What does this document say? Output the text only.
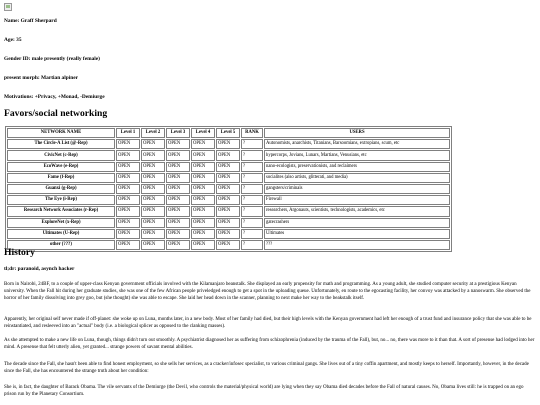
Name: Graff Sherpard
Age: 35
Gender ID: male presently (really female)
present morph: Martian alpiner
Motivations: +Privacy, +Monad, -Demiurge
Favors/social networking
NETWORK NAME	Level 1	Level 2	Level 3	Level 4	Level 5	RANK	USERS
The Circle-A List (@-Rep)	OPEN	OPEN	OPEN	OPEN	OPEN	?	Autonomists, anarchists, Titanians, Barsoomians, extropians, scum, etc
CivicNet (c-Rep)	OPEN	OPEN	OPEN	OPEN	OPEN	?	hypercorps, Jovians, Lunars, Martians, Venusians, etc
EcoWave (e-Rep)	OPEN	OPEN	OPEN	OPEN	OPEN	?	nano-ecologists, preservationists, and reclaimers
Fame (f-Rep)	OPEN	OPEN	OPEN	OPEN	OPEN	?	socialites (also artists, glitterati, and media)
Guanxi (g-Rep)	OPEN	OPEN	OPEN	OPEN	OPEN	?	gangsters/criminals
The Eye (i-Rep)	OPEN	OPEN	OPEN	OPEN	OPEN	?	Firewall
Research Network Associates (r-Rep)	OPEN	OPEN	OPEN	OPEN	OPEN	?	researchers, Argonauts, scientists, technologists, academics, etc
ExploreNet (x-Rep)	OPEN	OPEN	OPEN	OPEN	OPEN	?	gatecrashers
Ultimates (U-Rep)	OPEN	OPEN	OPEN	OPEN	OPEN	?	Ultimates
other (???)	OPEN	OPEN	OPEN	OPEN	OPEN	?	???
History
tl;dr: paranoid, asynch hacker

Born in Nairobi, 24BF, to a couple of upper-class Kenyan government officials involved with the Kilamanjaro beanstalk. She displayed an early propensity for math and programming. As a young adult, she studied computer security at a prestigious Kenyan university. When the Fall hit during her graduate studies, she was one of the few African people priveledged enough to get a spot in the uploading queue. Unfortunately, en route to the egocasting facility, her convoy was attacked by a nanoswarm. She observed the horror of her family dissolving into grey goo, but (she thought) she was able to escape. She laid her head down in the scanner, planning to next make her way to the beakstalk itself.

Apparently, her original self never made if off-planet: she woke up on Luna, months later, in a new body. Most of her family had died, but their high levels with the Kenyan government had left her enough of a trust fund and insurance policy that she was able to be reinstantiated, and resleeved into an "actual" body (i.e. a biological splicer as opposed to the clanking masses).

As she attempted to make a new life on Luna, though, things didn't turn out smoothly. A psychiatrist diagnosed her as suffering from schizophrenia (induced by the trauma of the Fall), but, no... no, there was more to it than that. A sort of presense had lodged into her mind. A presense that felt utterly alien, yet granted... strange powers of savant mental abilities.

The decade since the Fall, she hasn't been able to find honest employment, so she sells her services, as a cracker/infosec specialist, to various criminal gangs. She lives out of a tiny coffin apartment, and mostly keeps to herself. Importantly, however, in the decade since the Fall, she has encountered the strange truth about her condition:

She is, in fact, the daughter of Barack Obama. The vile servants of the Demiurge (the Devil, who controls the material/physical world) are lying when they say Obama died decades before the Fall of natural causes. No, Obama lives still: he is trapped on an ego prison run by the Planetary Consortium.
